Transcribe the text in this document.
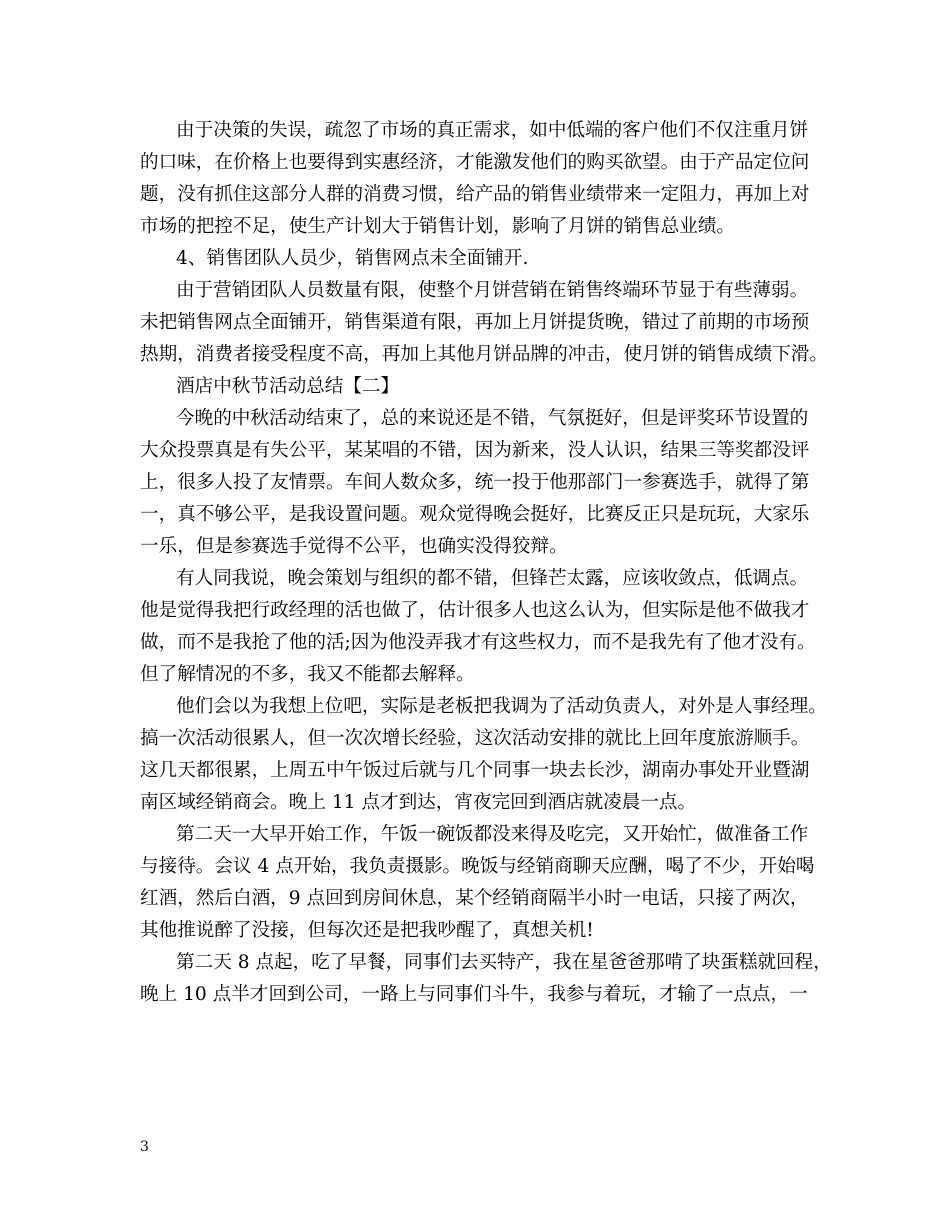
由于决策的失误，疏忽了市场的真正需求，如中低端的客户他们不仅注重月饼
的口味，在价格上也要得到实惠经济，才能激发他们的购买欲望。由于产品定位问
题，没有抓住这部分人群的消费习惯，给产品的销售业绩带来一定阻力，再加上对
市场的把控不足，使生产计划大于销售计划，影响了月饼的销售总业绩。
4、销售团队人员少，销售网点未全面铺开.
由于营销团队人员数量有限，使整个月饼营销在销售终端环节显于有些薄弱。
未把销售网点全面铺开，销售渠道有限，再加上月饼提货晚，错过了前期的市场预
热期，消费者接受程度不高，再加上其他月饼品牌的冲击，使月饼的销售成绩下滑。
酒店中秋节活动总结【二】
今晚的中秋活动结束了，总的来说还是不错，气氛挺好，但是评奖环节设置的
大众投票真是有失公平，某某唱的不错，因为新来，没人认识，结果三等奖都没评
上，很多人投了友情票。车间人数众多，统一投于他那部门一参赛选手，就得了第
一，真不够公平，是我设置问题。观众觉得晚会挺好，比赛反正只是玩玩，大家乐
一乐，但是参赛选手觉得不公平，也确实没得狡辩。
有人同我说，晚会策划与组织的都不错，但锋芒太露，应该收敛点，低调点。
他是觉得我把行政经理的活也做了，估计很多人也这么认为，但实际是他不做我才
做，而不是我抢了他的活;因为他没弄我才有这些权力，而不是我先有了他才没有。
但了解情况的不多，我又不能都去解释。
他们会以为我想上位吧，实际是老板把我调为了活动负责人，对外是人事经理。
搞一次活动很累人，但一次次增长经验，这次活动安排的就比上回年度旅游顺手。
这几天都很累，上周五中午饭过后就与几个同事一块去长沙，湖南办事处开业暨湖
南区域经销商会。晚上 11 点才到达，宵夜完回到酒店就凌晨一点。
第二天一大早开始工作，午饭一碗饭都没来得及吃完，又开始忙，做准备工作
与接待。会议 4 点开始，我负责摄影。晚饭与经销商聊天应酬，喝了不少，开始喝
红酒，然后白酒，9 点回到房间休息，某个经销商隔半小时一电话，只接了两次，
其他推说醉了没接，但每次还是把我吵醒了，真想关机!
第二天 8 点起，吃了早餐，同事们去买特产，我在星爸爸那啃了块蛋糕就回程，
晚上 10 点半才回到公司，一路上与同事们斗牛，我参与着玩，才输了一点点，一
3
